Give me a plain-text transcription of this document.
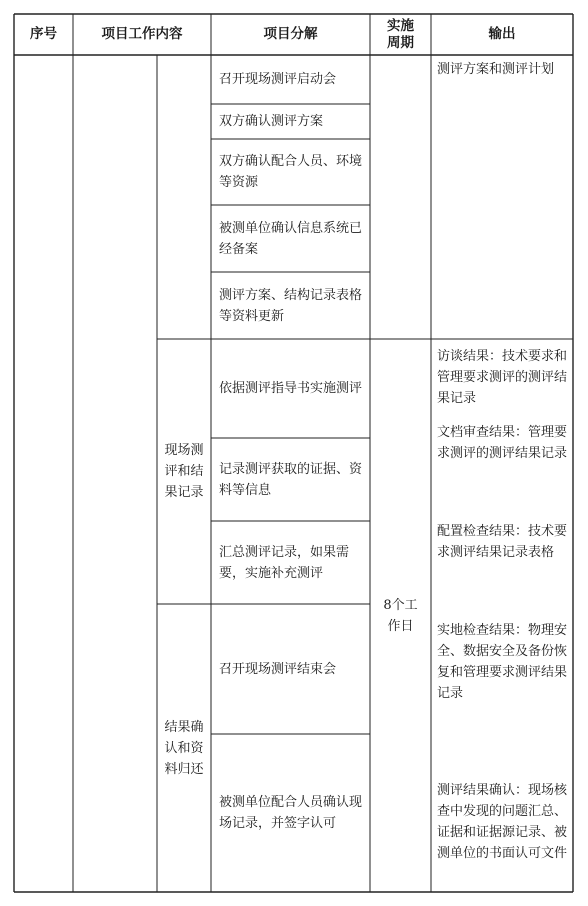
序号	项目工作内容	项目分解
实施周期
输出
召开现场测评启动会
双方确认测评方案
双方确认配合人员、环境等资源
被测单位确认信息系统已经备案
测评方案、结构记录表格等资料更新
测评方案和测评计划
现场测评和结果记录
依据测评指导书实施测评
记录测评获取的证据、资料等信息
汇总测评记录，如果需要，实施补充测评
结果确认和资料归还
召开现场测评结束会
被测单位配合人员确认现场记录，并签字认可
8个工作日
访谈结果：技术要求和管理要求测评的测评结果记录
文档审查结果：管理要求测评的测评结果记录
配置检查结果：技术要求测评结果记录表格
实地检查结果：物理安全、数据安全及备份恢复和管理要求测评结果记录
测评结果确认：现场核查中发现的问题汇总、证据和证据源记录、被测单位的书面认可文件
